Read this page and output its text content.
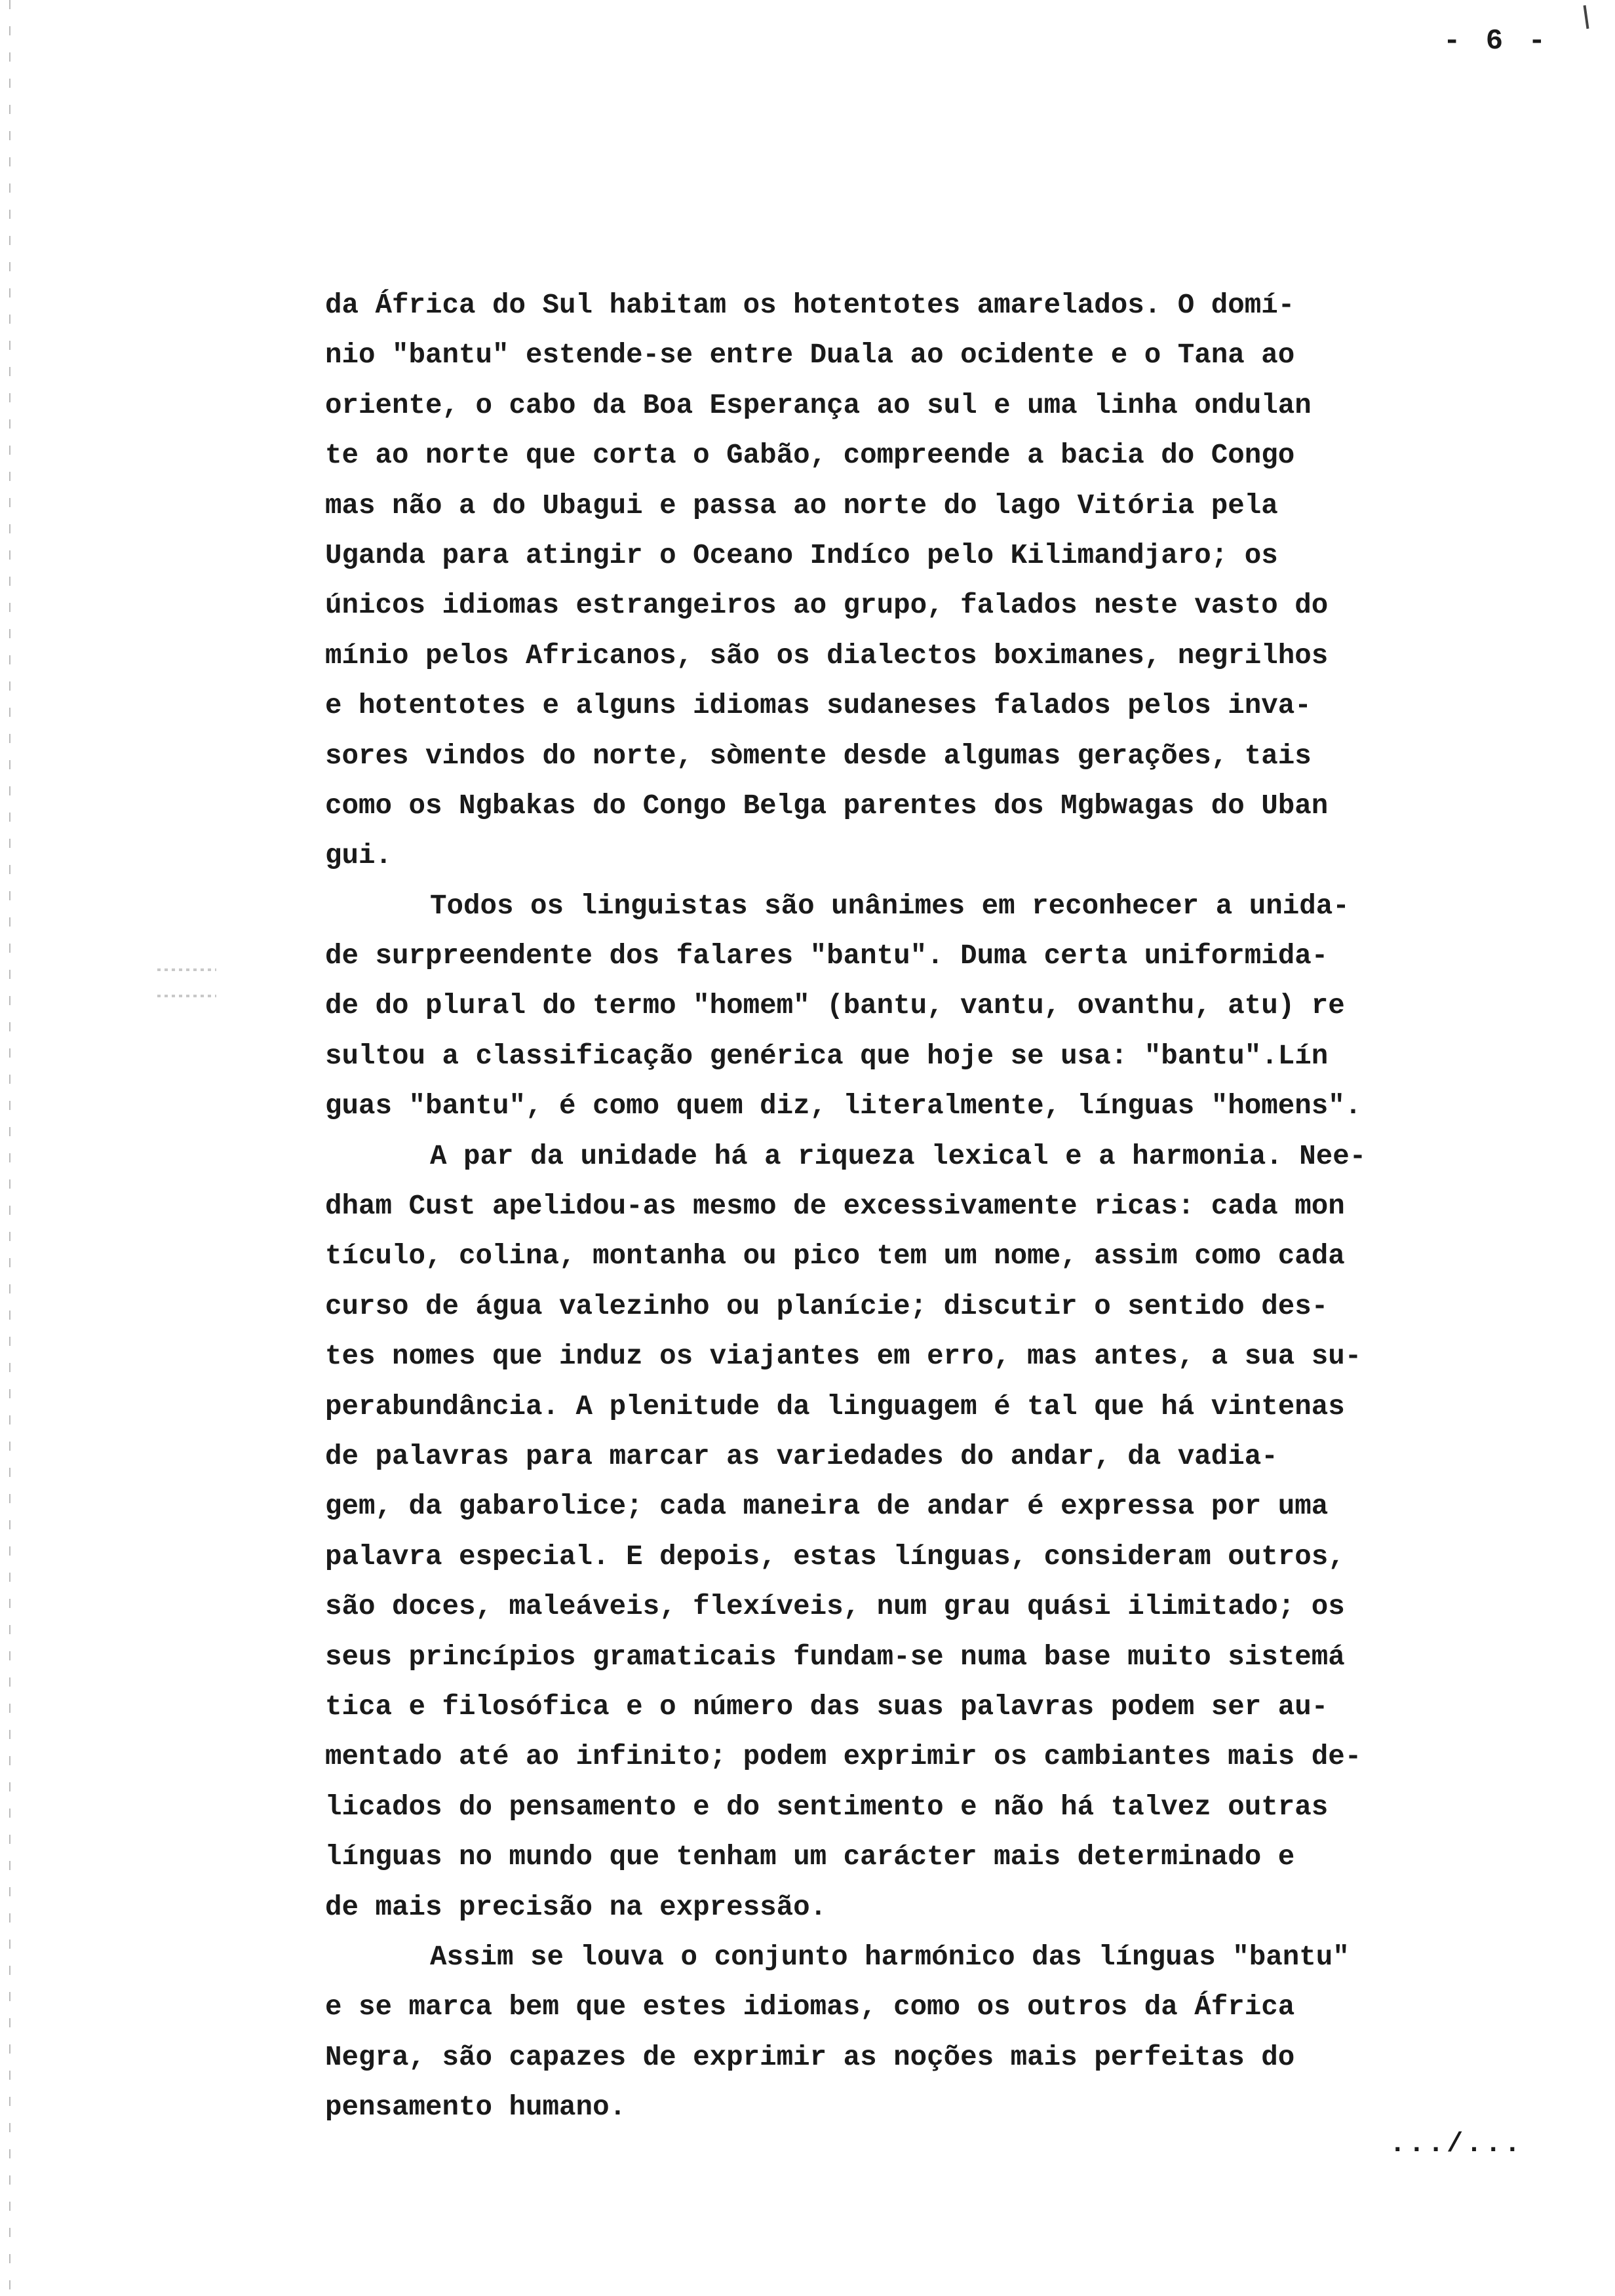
- 6 -
da África do Sul habitam os hotentotes amarelados. O domí-
nio "bantu" estende-se entre Duala ao ocidente e o Tana ao
oriente, o cabo da Boa Esperança ao sul e uma linha ondulan
te ao norte que corta o Gabão, compreende a bacia do Congo
mas não a do Ubagui e passa ao norte do lago Vitória pela
Uganda para atingir o Oceano Indíco pelo Kilimandjaro; os
únicos idiomas estrangeiros ao grupo, falados neste vasto do
mínio pelos Africanos, são os dialectos boximanes, negrilhos
e hotentotes e alguns idiomas sudaneses falados pelos inva-
sores vindos do norte, sòmente desde algumas gerações, tais
como os Ngbakas do Congo Belga parentes dos Mgbwagas do Uban
gui.
Todos os linguistas são unânimes em reconhecer a unida-
de surpreendente dos falares "bantu". Duma certa uniformida-
de do plural do termo "homem" (bantu, vantu, ovanthu, atu) re
sultou a classificação genérica que hoje se usa: "bantu".Lín
guas "bantu", é como quem diz, literalmente, línguas "homens".
A par da unidade há a riqueza lexical e a harmonia. Nee-
dham Cust apelidou-as mesmo de excessivamente ricas: cada mon
tículo, colina, montanha ou pico tem um nome, assim como cada
curso de água valezinho ou planície; discutir o sentido des-
tes nomes que induz os viajantes em erro, mas antes, a sua su-
perabundância. A plenitude da linguagem é tal que há vintenas
de palavras para marcar as variedades do andar, da vadia-
gem, da gabarolice; cada maneira de andar é expressa por uma
palavra especial. E depois, estas línguas, consideram outros,
são doces, maleáveis, flexíveis, num grau quási ilimitado; os
seus princípios gramaticais fundam-se numa base muito sistemá
tica e filosófica e o número das suas palavras podem ser au-
mentado até ao infinito; podem exprimir os cambiantes mais de-
licados do pensamento e do sentimento e não há talvez outras
línguas no mundo que tenham um carácter mais determinado e
de mais precisão na expressão.
Assim se louva o conjunto harmónico das línguas "bantu"
e se marca bem que estes idiomas, como os outros da África
Negra, são capazes de exprimir as noções mais perfeitas do
pensamento humano.
.../...
